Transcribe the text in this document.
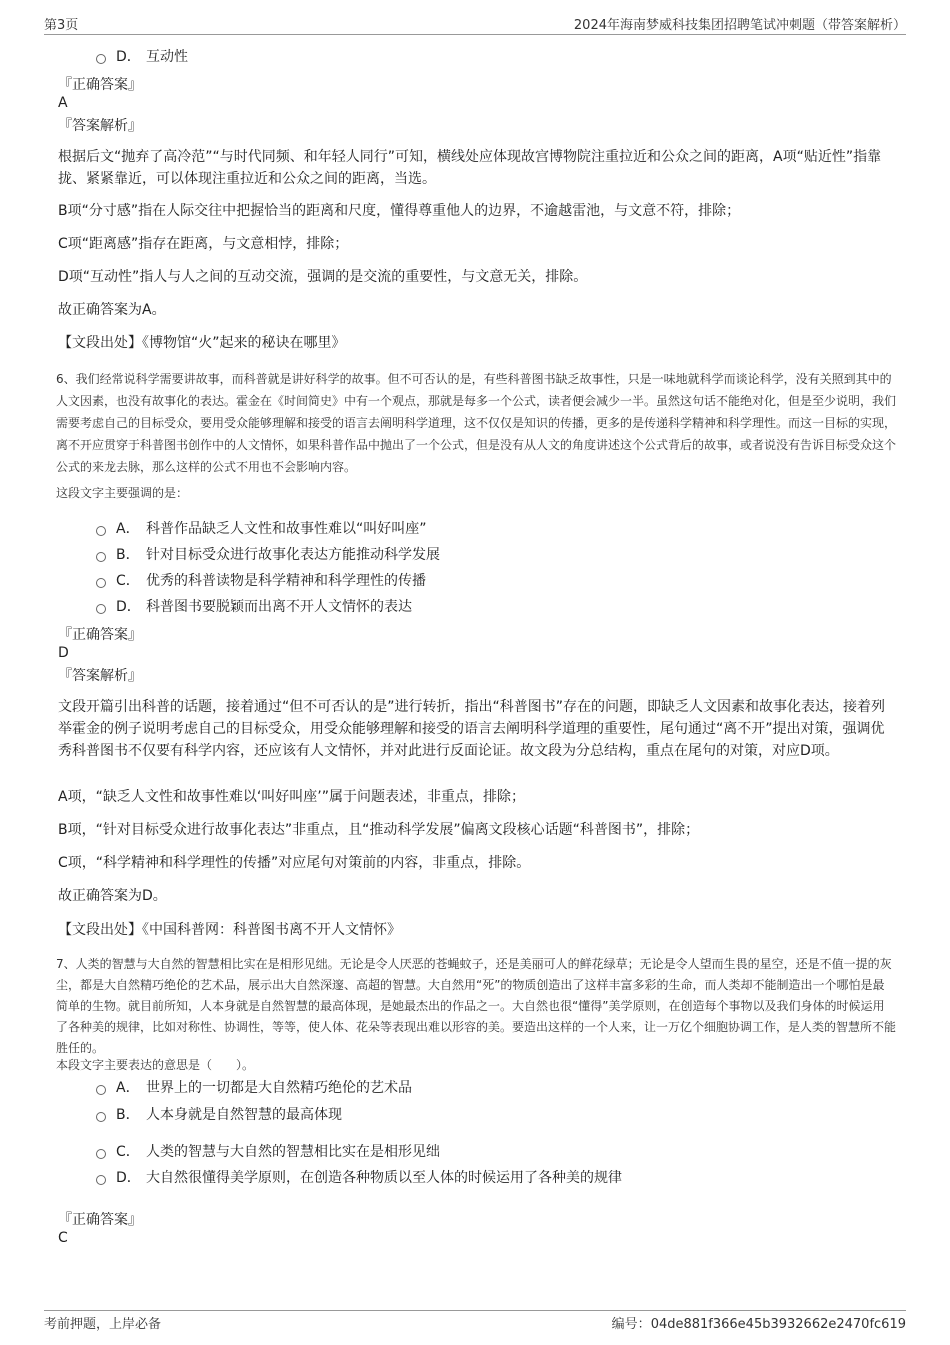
第3页	2024年海南梦威科技集团招聘笔试冲刺题（带答案解析）
D． 互动性
『正确答案』
A
『答案解析』
根据后文“抛弃了高冷范”“与时代同频、和年轻人同行”可知，横线处应体现故宫博物院注重拉近和公众之间的距离，A项“贴近性”指靠拢、紧紧靠近，可以体现注重拉近和公众之间的距离，当选。
B项“分寸感”指在人际交往中把握恰当的距离和尺度，懂得尊重他人的边界，不逾越雷池，与文意不符，排除；
C项“距离感”指存在距离，与文意相悖，排除；
D项“互动性”指人与人之间的互动交流，强调的是交流的重要性，与文意无关，排除。
故正确答案为A。
【文段出处】《博物馆“火”起来的秘诀在哪里》
6、我们经常说科学需要讲故事，而科普就是讲好科学的故事。但不可否认的是，有些科普图书缺乏故事性，只是一味地就科学而谈论科学，没有关照到其中的人文因素，也没有故事化的表达。霍金在《时间简史》中有一个观点，那就是每多一个公式，读者便会减少一半。虽然这句话不能绝对化，但是至少说明，我们需要考虑自己的目标受众，要用受众能够理解和接受的语言去阐明科学道理，这不仅仅是知识的传播，更多的是传递科学精神和科学理性。而这一目标的实现，离不开应贯穿于科普图书创作中的人文情怀，如果科普作品中抛出了一个公式，但是没有从人文的角度讲述这个公式背后的故事，或者说没有告诉目标受众这个公式的来龙去脉，那么这样的公式不用也不会影响内容。
这段文字主要强调的是：
A． 科普作品缺乏人文性和故事性难以“叫好叫座”
B． 针对目标受众进行故事化表达方能推动科学发展
C． 优秀的科普读物是科学精神和科学理性的传播
D． 科普图书要脱颖而出离不开人文情怀的表达
『正确答案』
D
『答案解析』
文段开篇引出科普的话题，接着通过“但不可否认的是”进行转折，指出“科普图书”存在的问题，即缺乏人文因素和故事化表达，接着列举霍金的例子说明考虑自己的目标受众，用受众能够理解和接受的语言去阐明科学道理的重要性，尾句通过“离不开”提出对策，强调优秀科普图书不仅要有科学内容，还应该有人文情怀，并对此进行反面论证。故文段为分总结构，重点在尾句的对策，对应D项。
A项，“缺乏人文性和故事性难以‘叫好叫座’”属于问题表述，非重点，排除；
B项，“针对目标受众进行故事化表达”非重点，且“推动科学发展”偏离文段核心话题“科普图书”，排除；
C项，“科学精神和科学理性的传播”对应尾句对策前的内容，非重点，排除。
故正确答案为D。
【文段出处】《中国科普网：科普图书离不开人文情怀》
7、人类的智慧与大自然的智慧相比实在是相形见绌。无论是令人厌恶的苍蝇蚊子，还是美丽可人的鲜花绿草；无论是令人望而生畏的星空，还是不值一提的灰尘，都是大自然精巧绝伦的艺术品，展示出大自然深邃、高超的智慧。大自然用“死”的物质创造出了这样丰富多彩的生命，而人类却不能制造出一个哪怕是最简单的生物。就目前所知，人本身就是自然智慧的最高体现，是她最杰出的作品之一。大自然也很“懂得”美学原则，在创造每个事物以及我们身体的时候运用了各种美的规律，比如对称性、协调性，等等，使人体、花朵等表现出难以形容的美。要造出这样的一个人来，让一万亿个细胞协调工作，是人类的智慧所不能胜任的。
本段文字主要表达的意思是（　　）。
A． 世界上的一切都是大自然精巧绝伦的艺术品
B． 人本身就是自然智慧的最高体现
C． 人类的智慧与大自然的智慧相比实在是相形见绌
D． 大自然很懂得美学原则，在创造各种物质以至人体的时候运用了各种美的规律
『正确答案』
C
考前押题，上岸必备	编号：04de881f366e45b3932662e2470fc619
